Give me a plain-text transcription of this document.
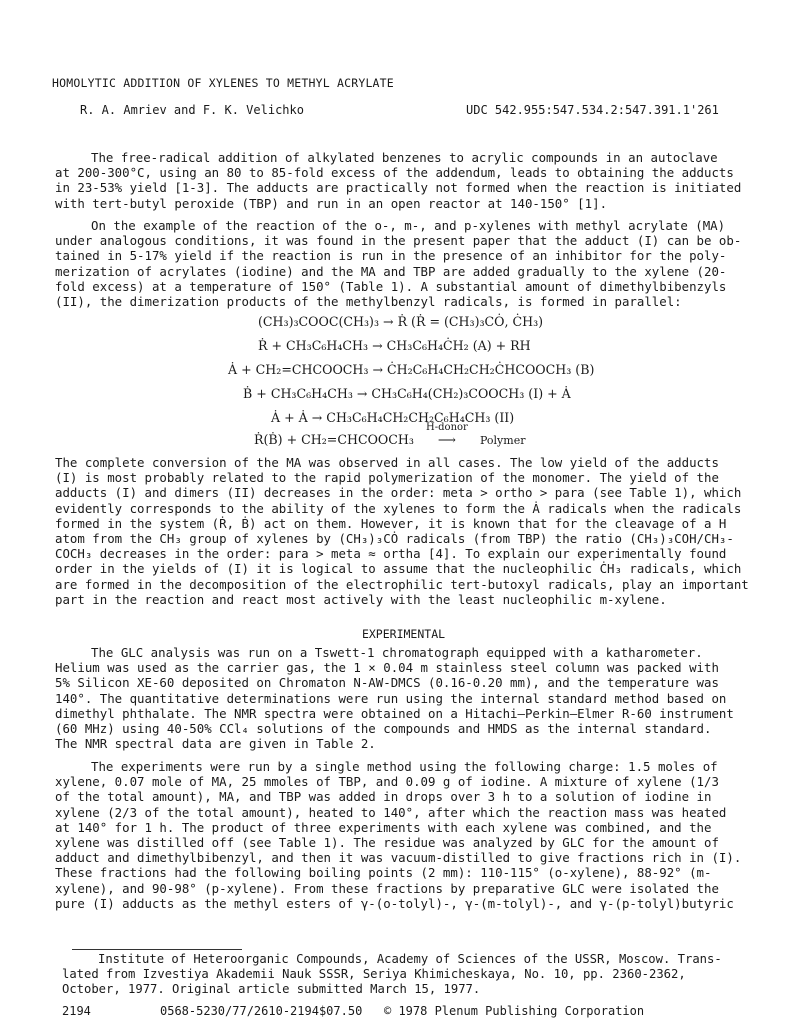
HOMOLYTIC ADDITION OF XYLENES TO METHYL ACRYLATE
R. A. Amriev and F. K. Velichko	UDC 542.955:547.534.2:547.391.1'261

The free-radical addition of alkylated benzenes to acrylic compounds in an autoclave
at 200-300°C, using an 80 to 85-fold excess of the addendum, leads to obtaining the adducts
in 23-53% yield [1-3]. The adducts are practically not formed when the reaction is initiated
with tert-butyl peroxide (TBP) and run in an open reactor at 140-150° [1].

On the example of the reaction of the o-, m-, and p-xylenes with methyl acrylate (MA)
under analogous conditions, it was found in the present paper that the adduct (I) can be ob-
tained in 5-17% yield if the reaction is run in the presence of an inhibitor for the poly-
merization of acrylates (iodine) and the MA and TBP are added gradually to the xylene (20-
fold excess) at a temperature of 150° (Table 1). A substantial amount of dimethylbibenzyls
(II), the dimerization products of the methylbenzyl radicals, is formed in parallel:

(CH₃)₃COOC(CH₃)₃ → Ṙ (Ṙ = (CH₃)₃CȮ, ĊH₃)
Ṙ + CH₃C₆H₄CH₃ → CH₃C₆H₄ĊH₂ (A) + RH
Ȧ + CH₂=CHCOOCH₃ → ĊH₂C₆H₄CH₂CH₂ĊHCOOCH₃ (B)
Ḃ + CH₃C₆H₄CH₃ → CH₃C₆H₄(CH₂)₃COOCH₃ (I) + Ȧ
Ȧ + Ȧ → CH₃C₆H₄CH₂CH₂C₆H₄CH₃ (II)
Ṙ(Ḃ) + CH₂=CHCOOCH₃
H-donor
⟶ Polymer

The complete conversion of the MA was observed in all cases. The low yield of the adducts
(I) is most probably related to the rapid polymerization of the monomer. The yield of the
adducts (I) and dimers (II) decreases in the order: meta > ortho > para (see Table 1), which
evidently corresponds to the ability of the xylenes to form the Ȧ radicals when the radicals
formed in the system (Ṙ, Ḃ) act on them. However, it is known that for the cleavage of a H
atom from the CH₃ group of xylenes by (CH₃)₃CȮ radicals (from TBP) the ratio (CH₃)₃COH/CH₃-
COCH₃ decreases in the order: para > meta ≈ ortha [4]. To explain our experimentally found
order in the yields of (I) it is logical to assume that the nucleophilic ĊH₃ radicals, which
are formed in the decomposition of the electrophilic tert-butoxyl radicals, play an important
part in the reaction and react most actively with the least nucleophilic m-xylene.

EXPERIMENTAL

The GLC analysis was run on a Tswett-1 chromatograph equipped with a katharometer.
Helium was used as the carrier gas, the 1 × 0.04 m stainless steel column was packed with
5% Silicon XE-60 deposited on Chromaton N-AW-DMCS (0.16-0.20 mm), and the temperature was
140°. The quantitative determinations were run using the internal standard method based on
dimethyl phthalate. The NMR spectra were obtained on a Hitachi–Perkin–Elmer R-60 instrument
(60 MHz) using 40-50% CCl₄ solutions of the compounds and HMDS as the internal standard.
The NMR spectral data are given in Table 2.

The experiments were run by a single method using the following charge: 1.5 moles of
xylene, 0.07 mole of MA, 25 mmoles of TBP, and 0.09 g of iodine. A mixture of xylene (1/3
of the total amount), MA, and TBP was added in drops over 3 h to a solution of iodine in
xylene (2/3 of the total amount), heated to 140°, after which the reaction mass was heated
at 140° for 1 h. The product of three experiments with each xylene was combined, and the
xylene was distilled off (see Table 1). The residue was analyzed by GLC for the amount of
adduct and dimethylbibenzyl, and then it was vacuum-distilled to give fractions rich in (I).
These fractions had the following boiling points (2 mm): 110-115° (o-xylene), 88-92° (m-
xylene), and 90-98° (p-xylene). From these fractions by preparative GLC were isolated the
pure (I) adducts as the methyl esters of γ-(o-tolyl)-, γ-(m-tolyl)-, and γ-(p-tolyl)butyric

Institute of Heteroorganic Compounds, Academy of Sciences of the USSR, Moscow. Trans-
lated from Izvestiya Akademii Nauk SSSR, Seriya Khimicheskaya, No. 10, pp. 2360-2362,
October, 1977. Original article submitted March 15, 1977.
2194	0568-5230/77/2610-2194$07.50 © 1978 Plenum Publishing Corporation
